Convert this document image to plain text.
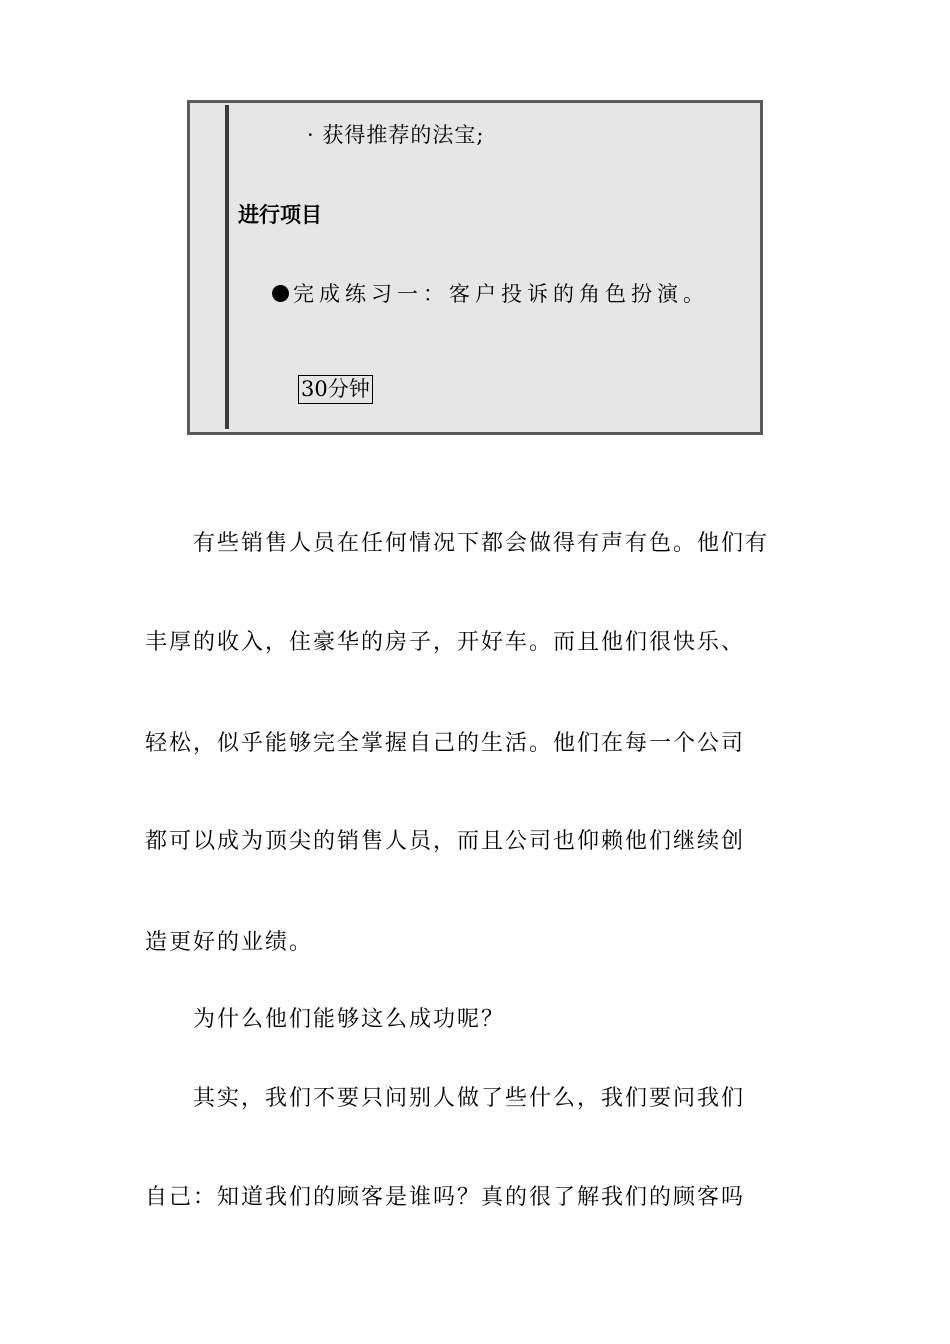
· 获得推荐的法宝;
进行项目
完成练习一：客户投诉的角色扮演。
30分钟
　　有些销售人员在任何情况下都会做得有声有色。他们有
丰厚的收入，住豪华的房子，开好车。而且他们很快乐、
轻松，似乎能够完全掌握自己的生活。他们在每一个公司
都可以成为顶尖的销售人员，而且公司也仰赖他们继续创
造更好的业绩。
　　为什么他们能够这么成功呢？
　　其实，我们不要只问别人做了些什么，我们要问我们
自己：知道我们的顾客是谁吗？真的很了解我们的顾客吗
